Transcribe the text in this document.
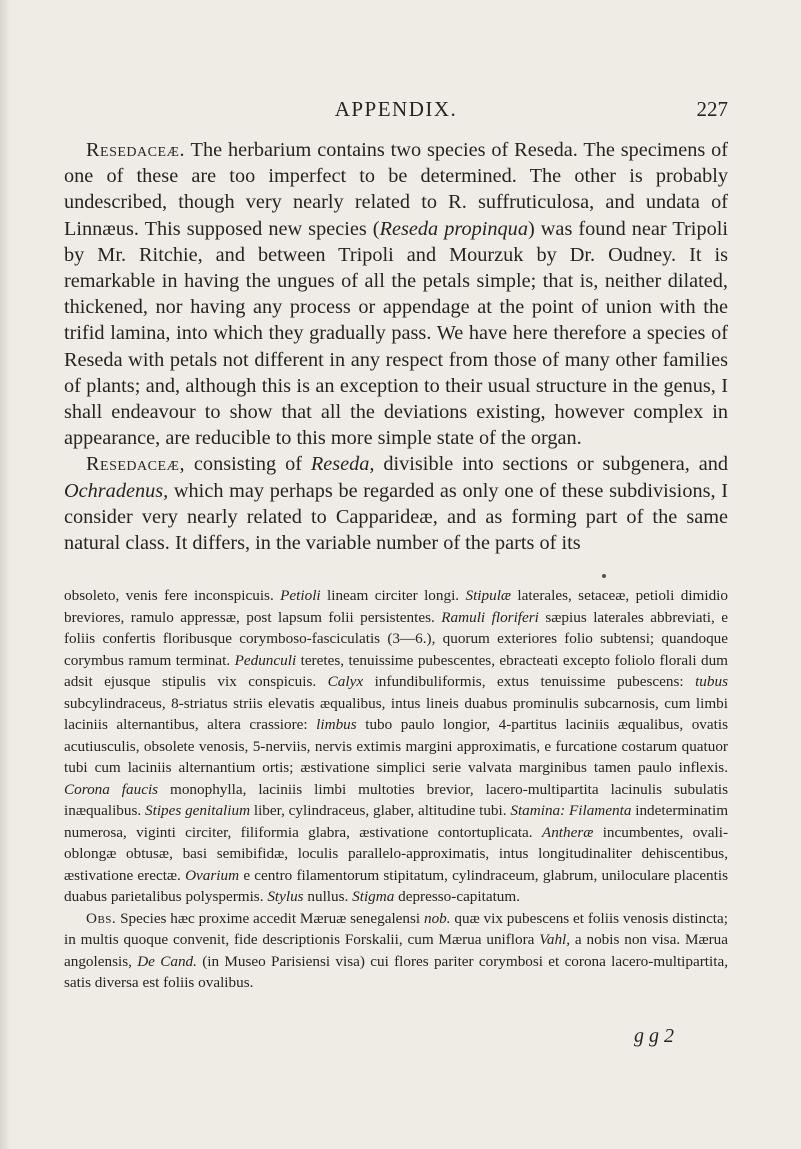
APPENDIX.	227

Resedaceæ. The herbarium contains two species of Reseda. The specimens of one of these are too imperfect to be determined. The other is probably undescribed, though very nearly related to R. suffruticulosa, and undata of Linnæus. This supposed new species (Reseda propinqua) was found near Tripoli by Mr. Ritchie, and between Tripoli and Mourzuk by Dr. Oudney. It is remarkable in having the ungues of all the petals simple; that is, neither dilated, thickened, nor having any process or appendage at the point of union with the trifid lamina, into which they gradually pass. We have here therefore a species of Reseda with petals not different in any respect from those of many other families of plants; and, although this is an exception to their usual structure in the genus, I shall endeavour to show that all the deviations existing, however complex in appearance, are reducible to this more simple state of the organ.

Resedaceæ, consisting of Reseda, divisible into sections or subgenera, and Ochradenus, which may perhaps be regarded as only one of these subdivisions, I consider very nearly related to Capparideæ, and as forming part of the same natural class. It differs, in the variable number of the parts of its

obsoleto, venis fere inconspicuis. Petioli lineam circiter longi. Stipulæ laterales, setaceæ, petioli dimidio breviores, ramulo appressæ, post lapsum folii persistentes. Ramuli floriferi sæpius laterales abbreviati, e foliis confertis floribusque corymboso-fasciculatis (3—6.), quorum exteriores folio subtensi; quandoque corymbus ramum terminat. Pedunculi teretes, tenuissime pubescentes, ebracteati excepto foliolo florali dum adsit ejusque stipulis vix conspicuis. Calyx infundibuliformis, extus tenuissime pubescens: tubus subcylindraceus, 8-striatus striis elevatis æqualibus, intus lineis duabus prominulis subcarnosis, cum limbi laciniis alternantibus, altera crassiore: limbus tubo paulo longior, 4-partitus laciniis æqualibus, ovatis acutiusculis, obsolete venosis, 5-nerviis, nervis extimis margini approximatis, e furcatione costarum quatuor tubi cum laciniis alternantium ortis; æstivatione simplici serie valvata marginibus tamen paulo inflexis. Corona faucis monophylla, laciniis limbi multoties brevior, lacero-multipartita lacinulis subulatis inæqualibus. Stipes genitalium liber, cylindraceus, glaber, altitudine tubi. Stamina: Filamenta indeterminatim numerosa, viginti circiter, filiformia glabra, æstivatione contortuplicata. Antheræ incumbentes, ovali-oblongæ obtusæ, basi semibifidæ, loculis parallelo-approximatis, intus longitudinaliter dehiscentibus, æstivatione erectæ. Ovarium e centro filamentorum stipitatum, cylindraceum, glabrum, uniloculare placentis duabus parietalibus polyspermis. Stylus nullus. Stigma depresso-capitatum.

Obs. Species hæc proxime accedit Mæruæ senegalensi nob. quæ vix pubescens et foliis venosis distincta; in multis quoque convenit, fide descriptionis Forskalii, cum Mærua uniflora Vahl, a nobis non visa. Mærua angolensis, De Cand. (in Museo Parisiensi visa) cui flores pariter corymbosi et corona lacero-multipartita, satis diversa est foliis ovalibus.

g g 2
